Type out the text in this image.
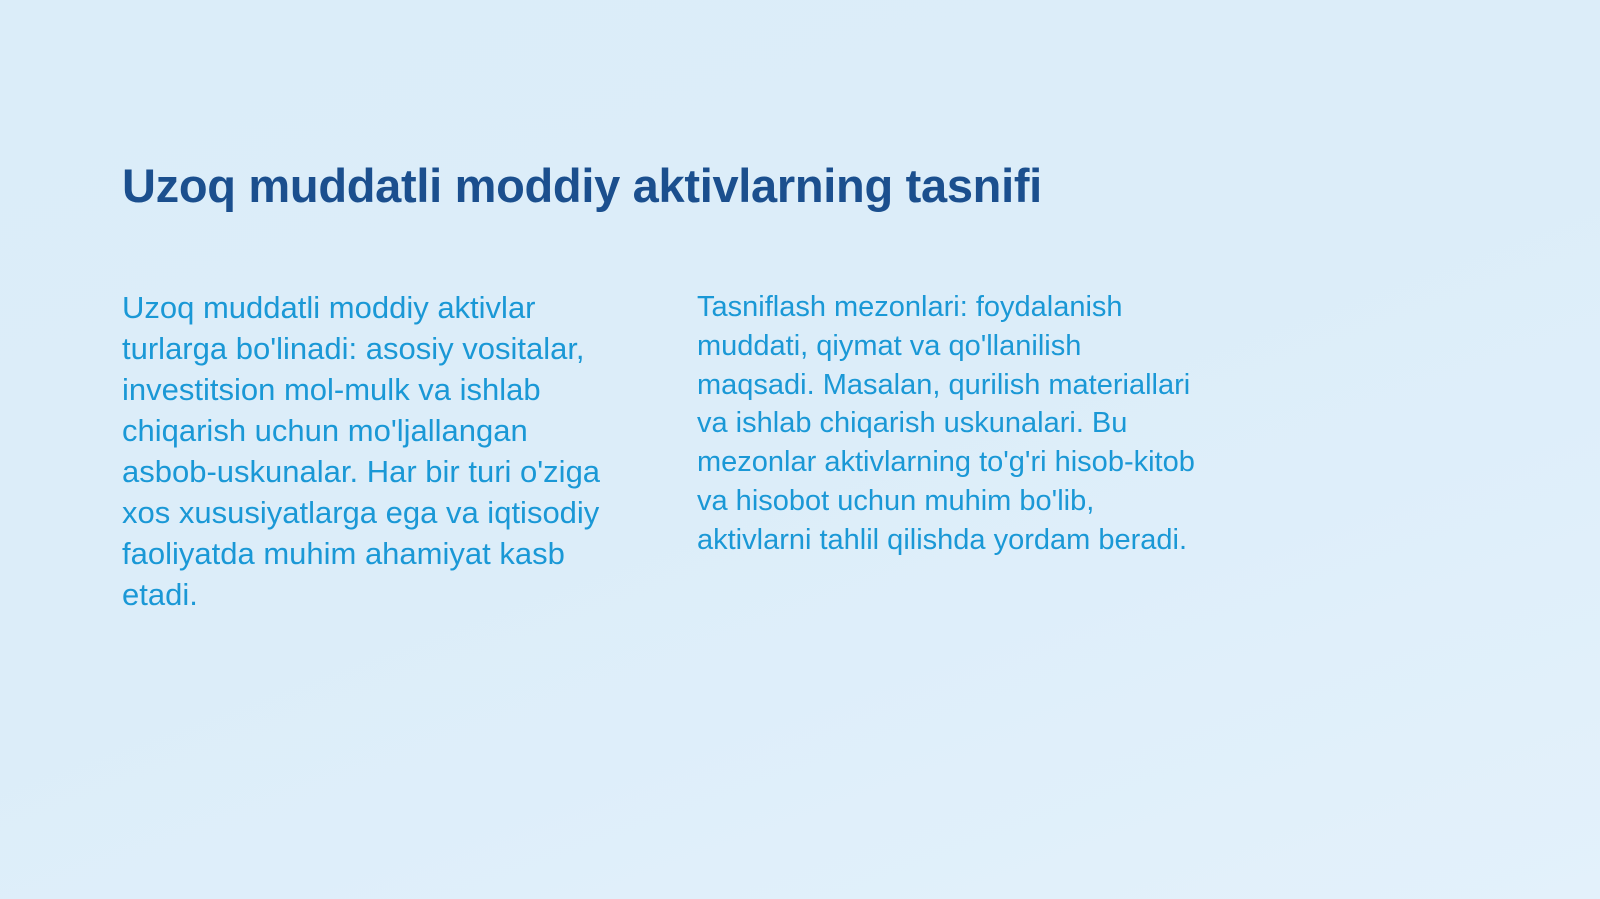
Uzoq muddatli moddiy aktivlarning tasnifi

Uzoq muddatli moddiy aktivlar turlarga bo'linadi: asosiy vositalar, investitsion mol-mulk va ishlab chiqarish uchun mo'ljallangan asbob-uskunalar. Har bir turi o'ziga xos xususiyatlarga ega va iqtisodiy faoliyatda muhim ahamiyat kasb etadi.

Tasniflash mezonlari: foydalanish muddati, qiymat va qo'llanilish maqsadi. Masalan, qurilish materiallari va ishlab chiqarish uskunalari. Bu mezonlar aktivlarning to'g'ri hisob-kitob va hisobot uchun muhim bo'lib, aktivlarni tahlil qilishda yordam beradi.
